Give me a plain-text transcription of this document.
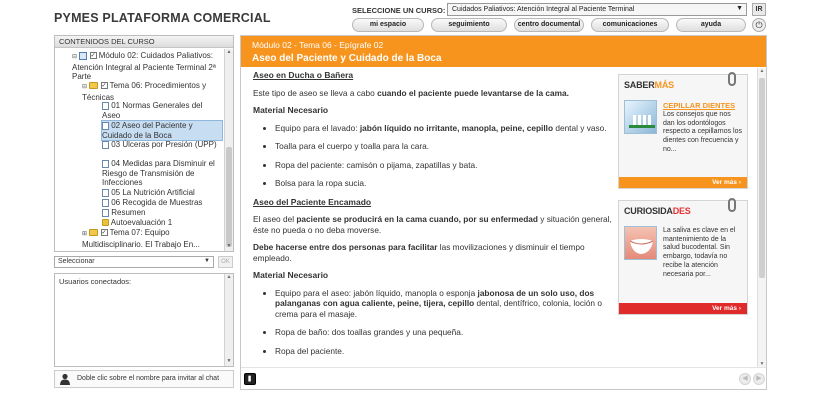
PYMES PLATAFORMA COMERCIAL
SELECCIONE UN CURSO: Cuidados Paliativos: Atención Integral al Paciente Terminal	▼	IR
mi espacio	seguimiento	centro documental	comunicaciones	ayuda	⏻
CONTENIDOS DEL CURSO
⊟ ✓ Módulo 02: Cuidados Paliativos: Atención Integral al Paciente Terminal 2ª Parte
⊟ ✓ Tema 06: Procedimientos y Técnicas
01 Normas Generales del Aseo
02 Aseo del Paciente y Cuidado de la Boca
03 Úlceras por Presión (UPP)
04 Medidas para Disminuir el Riesgo de Transmisión de Infecciones
05 La Nutrición Artificial
06 Recogida de Muestras
Resumen
Autoevaluación 1
⊞ ✓ Tema 07: Equipo Multidisciplinario. El Trabajo En...
▲
▼
Seleccionar	▼	OK
Usuarios conectados:	▲
▼
Doble clic sobre el nombre para invitar al chat
Módulo 02 - Tema 06 - Epígrafe 02
Aseo del Paciente y Cuidado de la Boca
Aseo en Ducha o Bañera

Este tipo de aseo se lleva a cabo cuando el paciente puede levantarse de la cama.

Material Necesario
• Equipo para el lavado: jabón líquido no irritante, manopla, peine, cepillo dental y vaso.
• Toalla para el cuerpo y toalla para la cara.
• Ropa del paciente: camisón o pijama, zapatillas y bata.
• Bolsa para la ropa sucia.
Aseo del Paciente Encamado

El aseo del paciente se producirá en la cama cuando, por su enfermedad y situación general, éste no pueda o no deba moverse.

Debe hacerse entre dos personas para facilitar las movilizaciones y disminuir el tiempo empleado.

Material Necesario
• Equipo para el aseo: jabón líquido, manopla o esponja jabonosa de un solo uso, dos palanganas con agua caliente, peine, tijera, cepillo dental, dentífrico, colonia, loción o crema para el masaje.
• Ropa de baño: dos toallas grandes y una pequeña.
• Ropa del paciente.
SABERMÁS
CEPILLAR DIENTES
Los consejos que nos dan los odontólogos respecto a cepillarnos los dientes con frecuencia y no...
Ver más ›
CURIOSIDADES
La saliva es clave en el mantenimiento de la salud bucodental. Sin embargo, todavía no recibe la atención necesaria por...
Ver más ›
▲
▼
◀	▶
